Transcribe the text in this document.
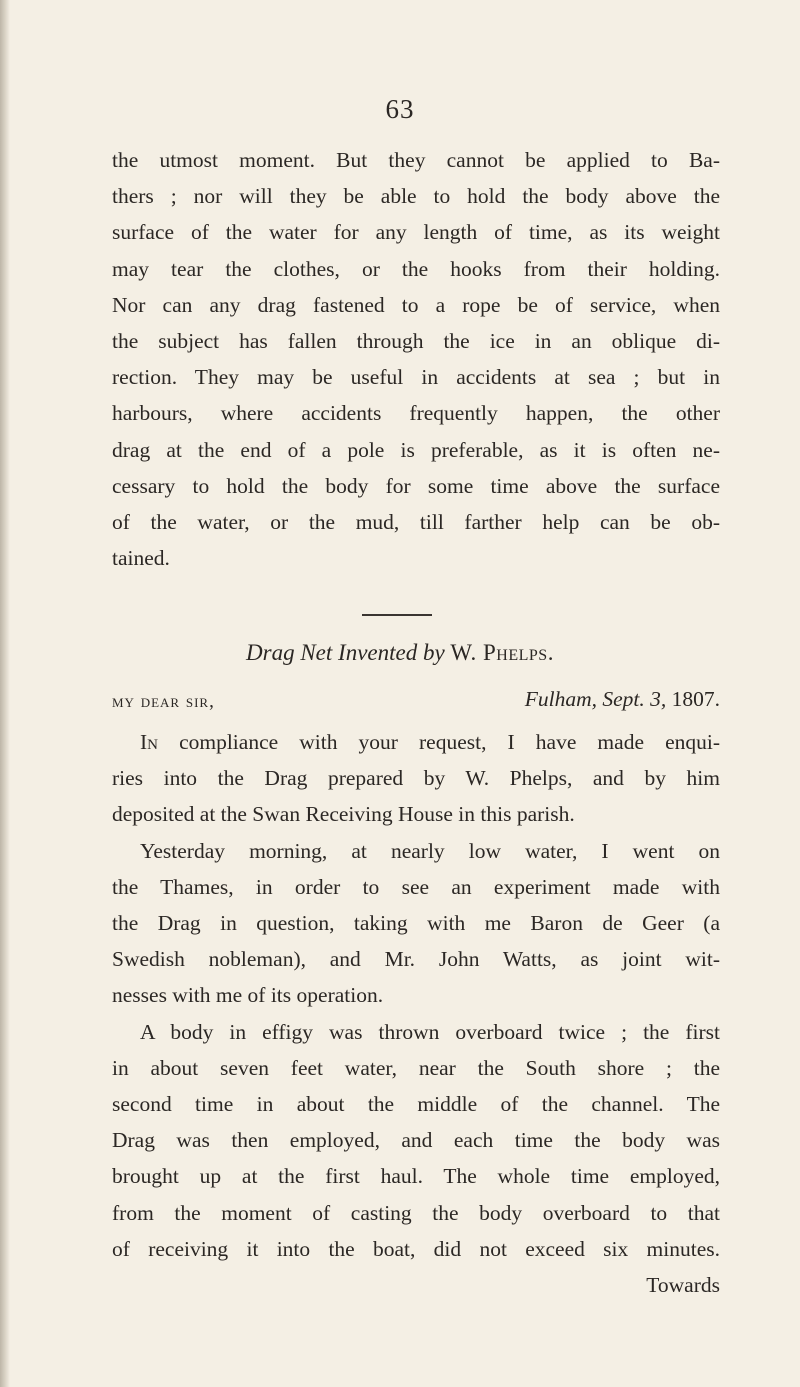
63
the utmost moment. But they cannot be applied to Ba-
thers ; nor will they be able to hold the body above the
surface of the water for any length of time, as its weight
may tear the clothes, or the hooks from their holding.
Nor can any drag fastened to a rope be of service, when
the subject has fallen through the ice in an oblique di-
rection. They may be useful in accidents at sea ; but in
harbours, where accidents frequently happen, the other
drag at the end of a pole is preferable, as it is often ne-
cessary to hold the body for some time above the surface
of the water, or the mud, till farther help can be ob-
tained.
Drag Net Invented by W. Phelps.
my dear sir,	Fulham, Sept. 3, 1807.
In compliance with your request, I have made enqui-
ries into the Drag prepared by W. Phelps, and by him
deposited at the Swan Receiving House in this parish.
Yesterday morning, at nearly low water, I went on
the Thames, in order to see an experiment made with
the Drag in question, taking with me Baron de Geer (a
Swedish nobleman), and Mr. John Watts, as joint wit-
nesses with me of its operation.
A body in effigy was thrown overboard twice ; the first
in about seven feet water, near the South shore ; the
second time in about the middle of the channel. The
Drag was then employed, and each time the body was
brought up at the first haul. The whole time employed,
from the moment of casting the body overboard to that
of receiving it into the boat, did not exceed six minutes.
Towards
